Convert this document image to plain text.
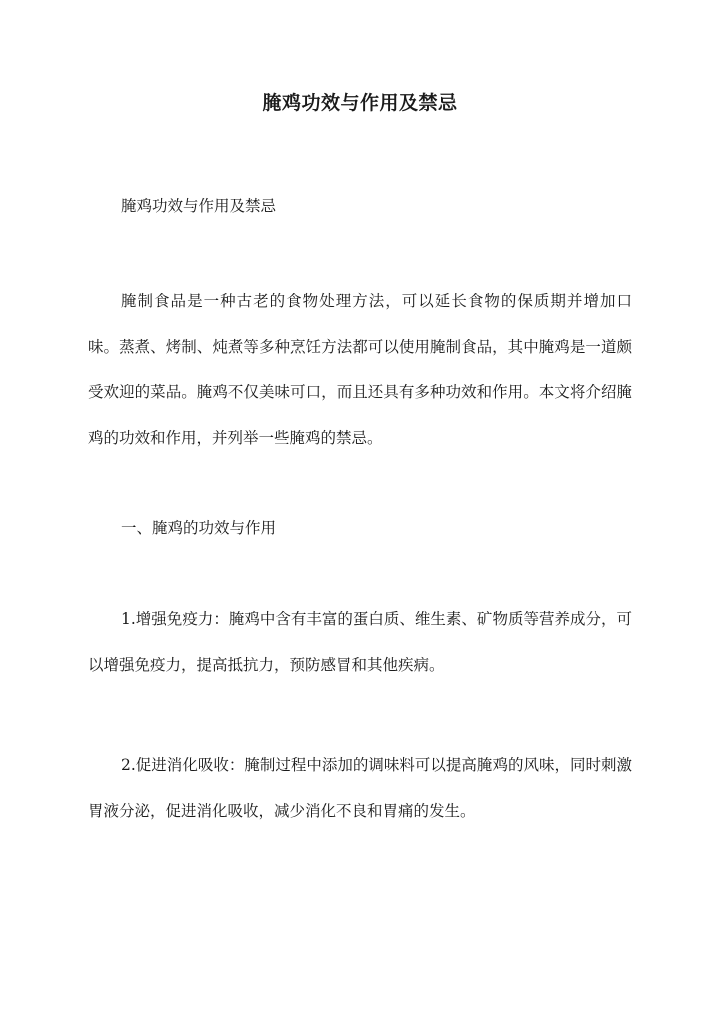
腌鸡功效与作用及禁忌

腌鸡功效与作用及禁忌

腌制食品是一种古老的食物处理方法，可以延长食物的保质期并增加口味。蒸煮、烤制、炖煮等多种烹饪方法都可以使用腌制食品，其中腌鸡是一道颇受欢迎的菜品。腌鸡不仅美味可口，而且还具有多种功效和作用。本文将介绍腌鸡的功效和作用，并列举一些腌鸡的禁忌。

一、腌鸡的功效与作用

1.增强免疫力：腌鸡中含有丰富的蛋白质、维生素、矿物质等营养成分，可以增强免疫力，提高抵抗力，预防感冒和其他疾病。

2.促进消化吸收：腌制过程中添加的调味料可以提高腌鸡的风味，同时刺激胃液分泌，促进消化吸收，减少消化不良和胃痛的发生。
